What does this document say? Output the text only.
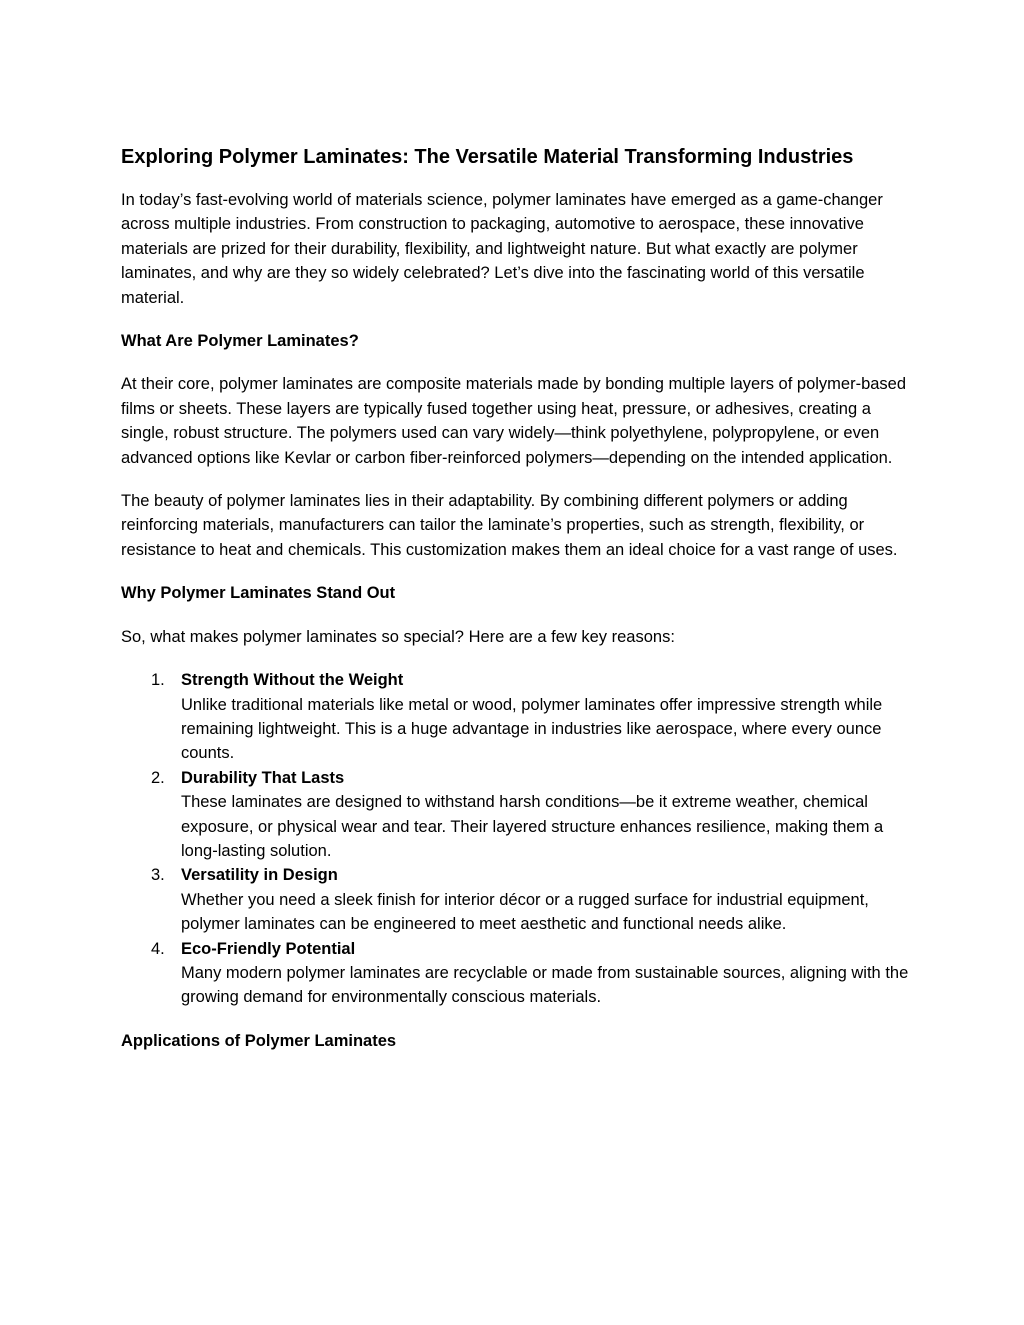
Exploring Polymer Laminates: The Versatile Material Transforming Industries

In today’s fast-evolving world of materials science, polymer laminates have emerged as a game-changer across multiple industries. From construction to packaging, automotive to aerospace, these innovative materials are prized for their durability, flexibility, and lightweight nature. But what exactly are polymer laminates, and why are they so widely celebrated? Let’s dive into the fascinating world of this versatile material.

What Are Polymer Laminates?

At their core, polymer laminates are composite materials made by bonding multiple layers of polymer-based films or sheets. These layers are typically fused together using heat, pressure, or adhesives, creating a single, robust structure. The polymers used can vary widely—think polyethylene, polypropylene, or even advanced options like Kevlar or carbon fiber-reinforced polymers—depending on the intended application.

The beauty of polymer laminates lies in their adaptability. By combining different polymers or adding reinforcing materials, manufacturers can tailor the laminate’s properties, such as strength, flexibility, or resistance to heat and chemicals. This customization makes them an ideal choice for a vast range of uses.

Why Polymer Laminates Stand Out

So, what makes polymer laminates so special? Here are a few key reasons:

1. Strength Without the Weight
Unlike traditional materials like metal or wood, polymer laminates offer impressive strength while remaining lightweight. This is a huge advantage in industries like aerospace, where every ounce counts.
2. Durability That Lasts
These laminates are designed to withstand harsh conditions—be it extreme weather, chemical exposure, or physical wear and tear. Their layered structure enhances resilience, making them a long-lasting solution.
3. Versatility in Design
Whether you need a sleek finish for interior décor or a rugged surface for industrial equipment, polymer laminates can be engineered to meet aesthetic and functional needs alike.
4. Eco-Friendly Potential
Many modern polymer laminates are recyclable or made from sustainable sources, aligning with the growing demand for environmentally conscious materials.
Applications of Polymer Laminates
